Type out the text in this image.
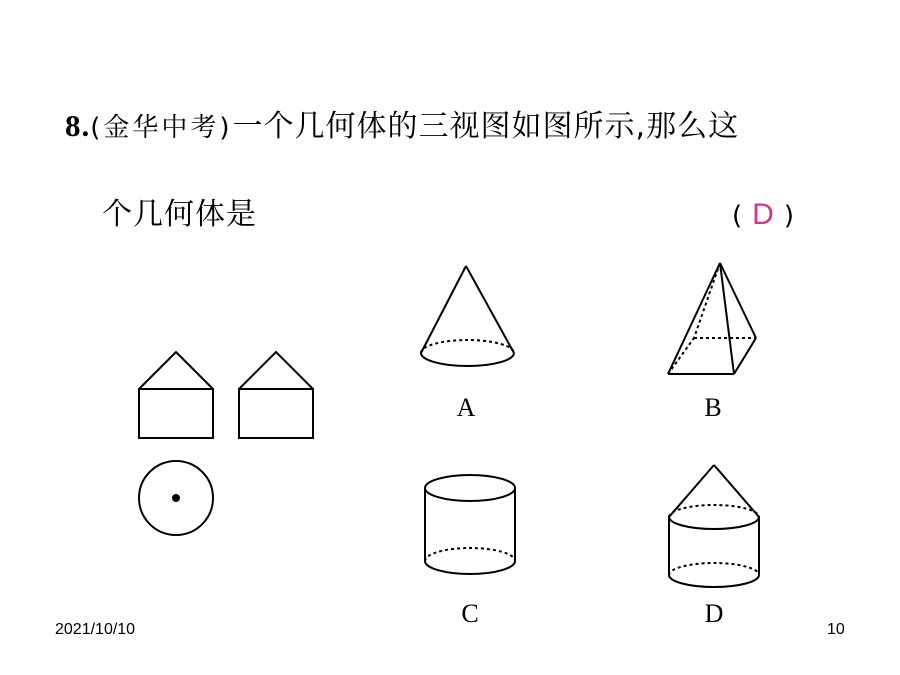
8.(金华中考)一个几何体的三视图如图所示,那么这
个几何体是	( D )
A	B
C	D
2021/10/10	10
